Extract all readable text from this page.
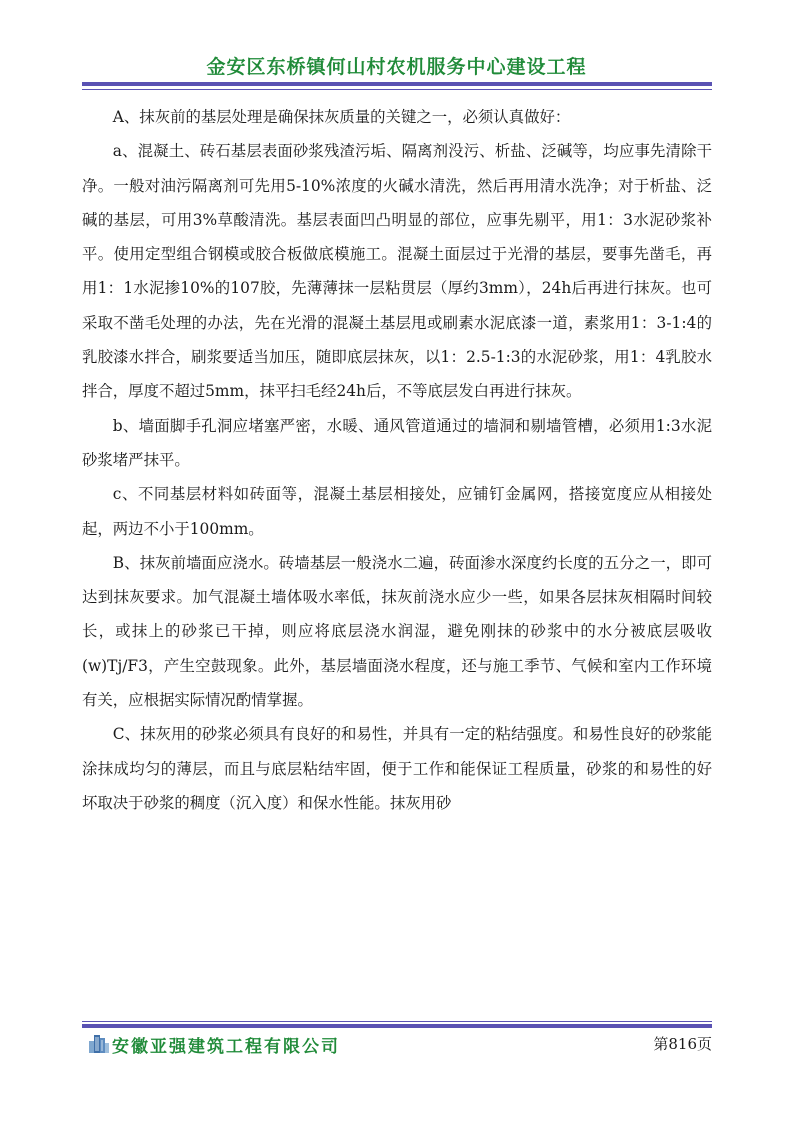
金安区东桥镇何山村农机服务中心建设工程

A、抹灰前的基层处理是确保抹灰质量的关键之一，必须认真做好：

a、混凝土、砖石基层表面砂浆残渣污垢、隔离剂没污、析盐、泛碱等，均应事先清除干净。一般对油污隔离剂可先用5-10%浓度的火碱水清洗，然后再用清水洗净；对于析盐、泛碱的基层，可用3%草酸清洗。基层表面凹凸明显的部位，应事先剔平，用1：3水泥砂浆补平。使用定型组合钢模或胶合板做底模施工。混凝土面层过于光滑的基层，要事先凿毛，再用1：1水泥掺10%的107胶，先薄薄抹一层粘贯层（厚约3mm），24h后再进行抹灰。也可采取不凿毛处理的办法，先在光滑的混凝土基层甩或刷素水泥底漆一道，素浆用1：3-1:4的乳胶漆水拌合，刷浆要适当加压，随即底层抹灰，以1：2.5-1:3的水泥砂浆，用1：4乳胶水拌合，厚度不超过5mm，抹平扫毛经24h后，不等底层发白再进行抹灰。

b、墙面脚手孔洞应堵塞严密，水暖、通风管道通过的墙洞和剔墙管槽，必须用1:3水泥砂浆堵严抹平。

c、不同基层材料如砖面等，混凝土基层相接处，应铺钉金属网，搭接宽度应从相接处起，两边不小于100mm。

B、抹灰前墙面应浇水。砖墙基层一般浇水二遍，砖面渗水深度约长度的五分之一，即可达到抹灰要求。加气混凝土墙体吸水率低，抹灰前浇水应少一些，如果各层抹灰相隔时间较长，或抹上的砂浆已干掉，则应将底层浇水润湿，避免刚抹的砂浆中的水分被底层吸收(w)Tj/F3，产生空鼓现象。此外，基层墙面浇水程度，还与施工季节、气候和室内工作环境有关，应根据实际情况酌情掌握。

C、抹灰用的砂浆必须具有良好的和易性，并具有一定的粘结强度。和易性良好的砂浆能涂抹成均匀的薄层，而且与底层粘结牢固，便于工作和能保证工程质量，砂浆的和易性的好坏取决于砂浆的稠度（沉入度）和保水性能。抹灰用砂

安徽亚强建筑工程有限公司	第816页
